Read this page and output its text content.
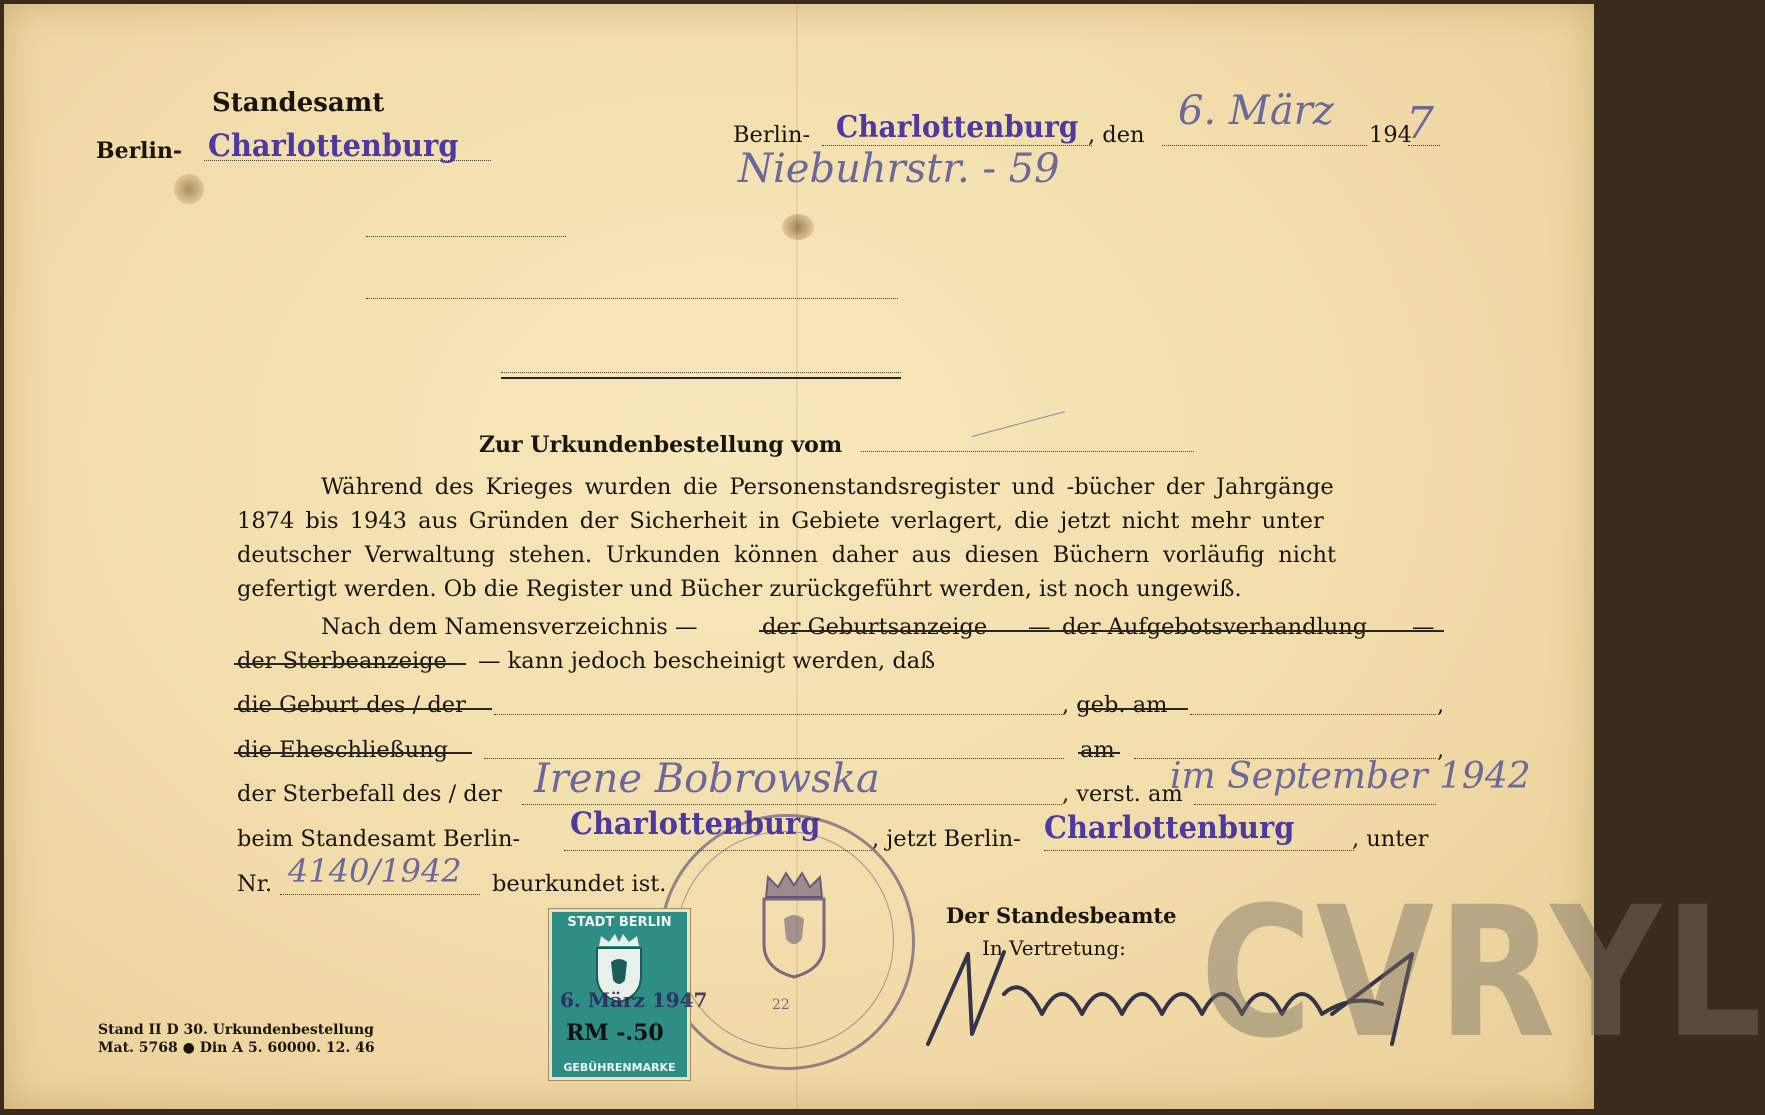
Standesamt
Berlin- Charlottenburg	Berlin- Charlottenburg , den
6. März
194
7
Niebuhrstr. - 59
Zur Urkundenbestellung vom
Während des Krieges wurden die Personenstandsregister und -bücher der Jahrgänge
1874 bis 1943 aus Gründen der Sicherheit in Gebiete verlagert, die jetzt nicht mehr unter
deutscher Verwaltung stehen. Urkunden können daher aus diesen Büchern vorläufig nicht
gefertigt werden. Ob die Register und Bücher zurückgeführt werden, ist noch ungewiß.
Nach dem Namensverzeichnis —	der Geburtsanzeige — der Aufgebotsverhandlung —
der Sterbeanzeige — kann jedoch bescheinigt werden, daß
die Geburt des / der	, geb. am	,
die Eheschließung	am	,
der Sterbefall des / der Irene Bobrowska	, verst. am
im September 1942
beim Standesamt Berlin- Charlottenburg , jetzt Berlin- Charlottenburg	, unter
Nr. 4140/1942 beurkundet ist.
22
STADT BERLIN
6. März 1947
RM -.50
GEBÜHRENMARKE
Der Standesbeamte
In Vertretung: CVRYL
Stand II D 30. Urkundenbestellung
Mat. 5768 ● Din A 5. 60000. 12. 46
